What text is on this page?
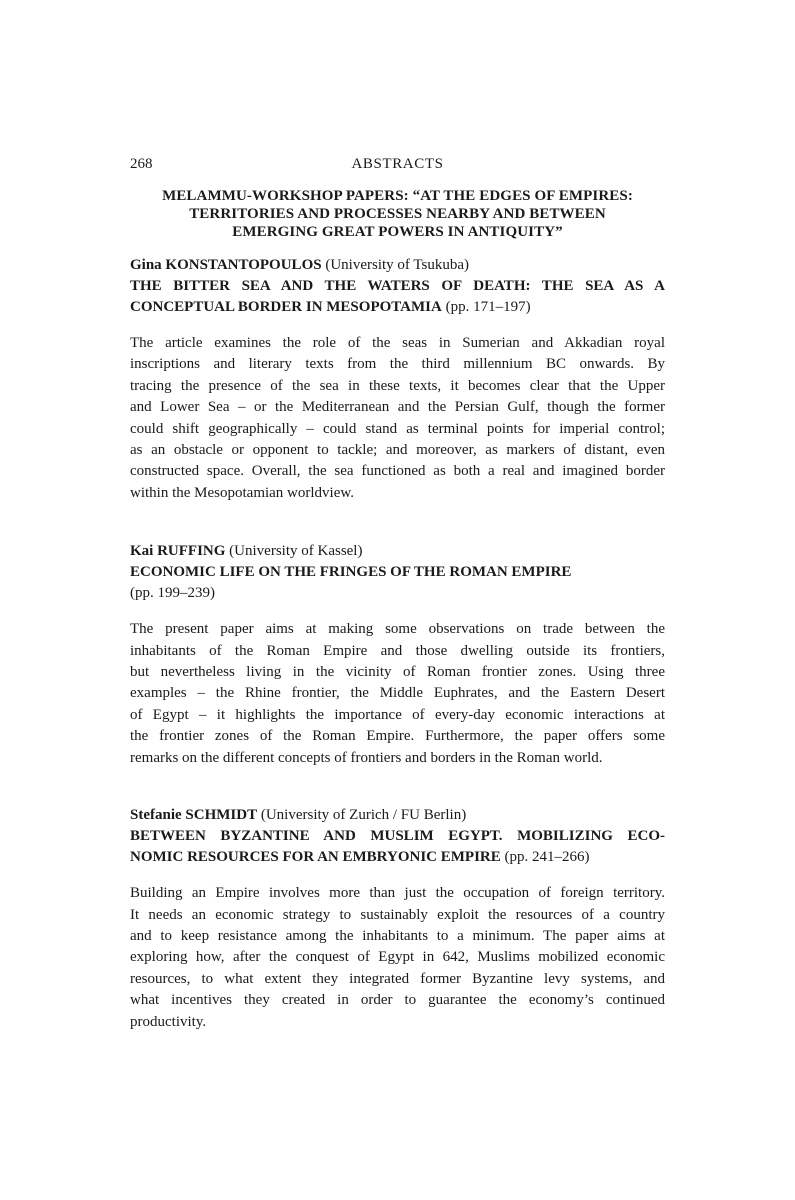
268	ABSTRACTS
MELAMMU-WORKSHOP PAPERS: “AT THE EDGES OF EMPIRES:
TERRITORIES AND PROCESSES NEARBY AND BETWEEN
EMERGING GREAT POWERS IN ANTIQUITY”
Gina KONSTANTOPOULOS (University of Tsukuba)
THE BITTER SEA AND THE WATERS OF DEATH: THE SEA AS A
CONCEPTUAL BORDER IN MESOPOTAMIA (pp. 171–197)
The article examines the role of the seas in Sumerian and Akkadian royal
inscriptions and literary texts from the third millennium BC onwards. By
tracing the presence of the sea in these texts, it becomes clear that the Upper
and Lower Sea – or the Mediterranean and the Persian Gulf, though the former
could shift geographically – could stand as terminal points for imperial control;
as an obstacle or opponent to tackle; and moreover, as markers of distant, even
constructed space. Overall, the sea functioned as both a real and imagined border
within the Mesopotamian worldview.
Kai RUFFING (University of Kassel)
ECONOMIC LIFE ON THE FRINGES OF THE ROMAN EMPIRE
(pp. 199–239)
The present paper aims at making some observations on trade between the
inhabitants of the Roman Empire and those dwelling outside its frontiers,
but nevertheless living in the vicinity of Roman frontier zones. Using three
examples – the Rhine frontier, the Middle Euphrates, and the Eastern Desert
of Egypt – it highlights the importance of every-day economic interactions at
the frontier zones of the Roman Empire. Furthermore, the paper offers some
remarks on the different concepts of frontiers and borders in the Roman world.
Stefanie SCHMIDT (University of Zurich / FU Berlin)
BETWEEN BYZANTINE AND MUSLIM EGYPT. MOBILIZING ECO-
NOMIC RESOURCES FOR AN EMBRYONIC EMPIRE (pp. 241–266)
Building an Empire involves more than just the occupation of foreign territory.
It needs an economic strategy to sustainably exploit the resources of a country
and to keep resistance among the inhabitants to a minimum. The paper aims at
exploring how, after the conquest of Egypt in 642, Muslims mobilized economic
resources, to what extent they integrated former Byzantine levy systems, and
what incentives they created in order to guarantee the economy’s continued
productivity.
